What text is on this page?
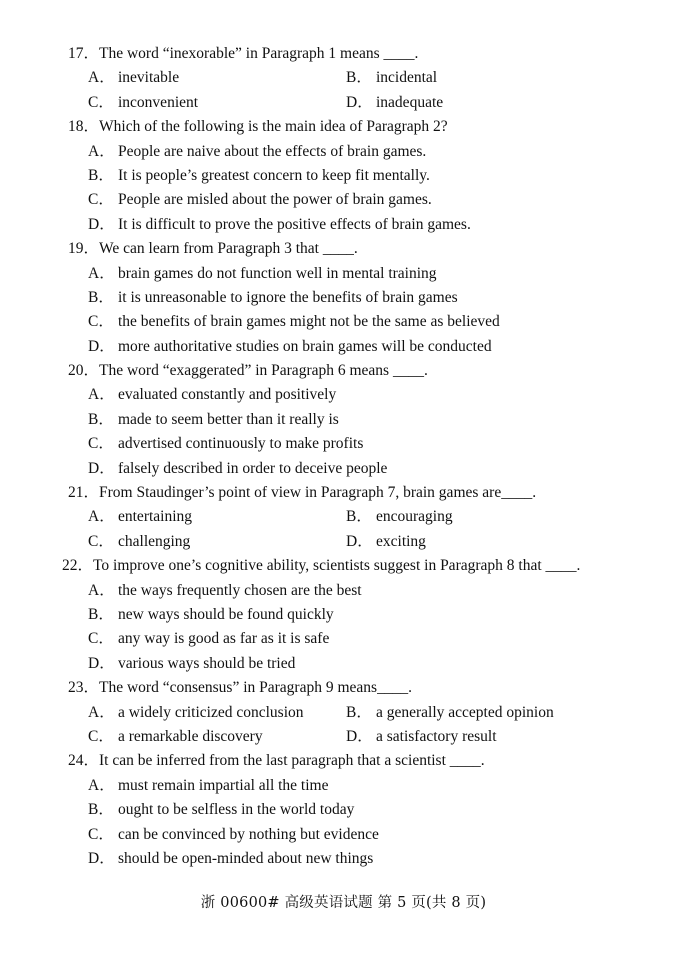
17．The word “inexorable” in Paragraph 1 means ____.
A． inevitable	B． incidental
C． inconvenient	D． inadequate
18．Which of the following is the main idea of Paragraph 2?
A． People are naive about the effects of brain games.
B． It is people’s greatest concern to keep fit mentally.
C． People are misled about the power of brain games.
D． It is difficult to prove the positive effects of brain games.
19．We can learn from Paragraph 3 that ____.
A． brain games do not function well in mental training
B． it is unreasonable to ignore the benefits of brain games
C． the benefits of brain games might not be the same as believed
D． more authoritative studies on brain games will be conducted
20．The word “exaggerated” in Paragraph 6 means ____.
A． evaluated constantly and positively
B． made to seem better than it really is
C． advertised continuously to make profits
D． falsely described in order to deceive people
21．From Staudinger’s point of view in Paragraph 7, brain games are____.
A． entertaining	B． encouraging
C． challenging	D． exciting
22．To improve one’s cognitive ability, scientists suggest in Paragraph 8 that ____.
A． the ways frequently chosen are the best
B． new ways should be found quickly
C． any way is good as far as it is safe
D． various ways should be tried
23．The word “consensus” in Paragraph 9 means____.
A． a widely criticized conclusion	B． a generally accepted opinion
C． a remarkable discovery	D． a satisfactory result
24．It can be inferred from the last paragraph that a scientist ____.
A． must remain impartial all the time
B． ought to be selfless in the world today
C． can be convinced by nothing but evidence
D． should be open-minded about new things
浙 00600# 高级英语试题 第 5 页(共 8 页)
